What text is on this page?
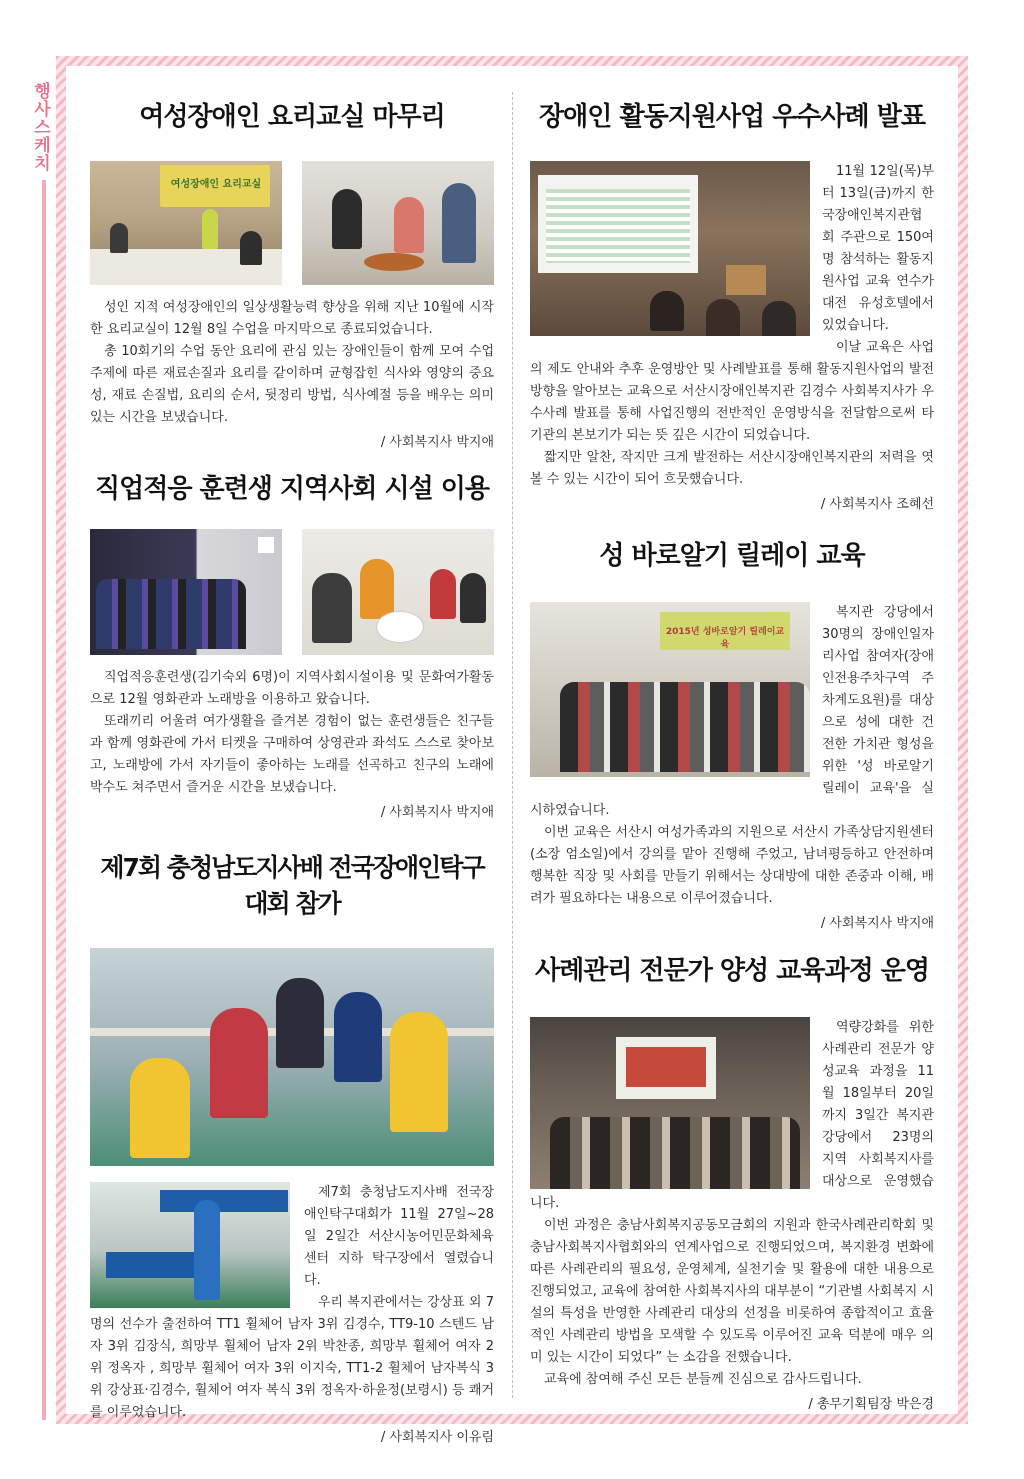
행사스케치	여성장애인 요리교실 마무리
여성장애인 요리교실

성인 지적 여성장애인의 일상생활능력 향상을 위해 지난 10월에 시작한 요리교실이 12월 8일 수업을 마지막으로 종료되었습니다.

총 10회기의 수업 동안 요리에 관심 있는 장애인들이 함께 모여 수업주제에 따른 재료손질과 요리를 같이하며 균형잡힌 식사와 영양의 중요성, 재료 손질법, 요리의 순서, 뒷정리 방법, 식사예절 등을 배우는 의미 있는 시간을 보냈습니다.

/ 사회복지사 박지애

직업적응 훈련생 지역사회 시설 이용

직업적응훈련생(김기숙외 6명)이 지역사회시설이용 및 문화여가활동으로 12월 영화관과 노래방을 이용하고 왔습니다.

또래끼리 어울려 여가생활을 즐겨본 경험이 없는 훈련생들은 친구들과 함께 영화관에 가서 티켓을 구매하여 상영관과 좌석도 스스로 찾아보고, 노래방에 가서 자기들이 좋아하는 노래를 선곡하고 친구의 노래에 박수도 쳐주면서 즐거운 시간을 보냈습니다.

/ 사회복지사 박지애

제7회 충청남도지사배 전국장애인탁구대회 참가

제7회 충청남도지사배 전국장애인탁구대회가 11월 27일~28일 2일간 서산시농어민문화체육센터 지하 탁구장에서 열렸습니다.

우리 복지관에서는 강상표 외 7명의 선수가 출전하여 TT1 휠체어 남자 3위 김경수, TT9-10 스텐드 남자 3위 김장식, 희망부 휠체어 남자 2위 박찬종, 희망부 휠체어 여자 2위 정옥자 , 희망부 휠체어 여자 3위 이지숙, TT1-2 휠체어 남자복식 3위 강상표·김경수, 휠체어 여자 복식 3위 정옥자·하윤정(보령시) 등 쾌거를 이루었습니다.

/ 사회복지사 이유림

장애인 활동지원사업 우수사례 발표

11월 12일(목)부터 13일(금)까지 한국장애인복지관협회 주관으로 150여명 참석하는 활동지원사업 교육 연수가 대전 유성호텔에서 있었습니다.

이날 교육은 사업의 제도 안내와 추후 운영방안 및 사례발표를 통해 활동지원사업의 발전 방향을 알아보는 교육으로 서산시장애인복지관 김경수 사회복지사가 우수사례 발표를 통해 사업진행의 전반적인 운영방식을 전달함으로써 타 기관의 본보기가 되는 뜻 깊은 시간이 되었습니다.

짧지만 알찬, 작지만 크게 발전하는 서산시장애인복지관의 저력을 엿볼 수 있는 시간이 되어 흐뭇했습니다.

/ 사회복지사 조혜선

성 바로알기 릴레이 교육
2015년 성바로알기 릴레이교육

복지관 강당에서 30명의 장애인일자리사업 참여자(장애인전용주차구역 주차계도요원)를 대상으로 성에 대한 건전한 가치관 형성을 위한 '성 바로알기 릴레이 교육'을 실시하였습니다.

이번 교육은 서산시 여성가족과의 지원으로 서산시 가족상담지원센터(소장 엄소일)에서 강의를 맡아 진행해 주었고, 남녀평등하고 안전하며 행복한 직장 및 사회를 만들기 위해서는 상대방에 대한 존중과 이해, 배려가 필요하다는 내용으로 이루어졌습니다.

/ 사회복지사 박지애

사례관리 전문가 양성 교육과정 운영

역량강화를 위한 사례관리 전문가 양성교육 과정을 11월 18일부터 20일까지 3일간 복지관 강당에서 23명의 지역 사회복지사를 대상으로 운영했습니다.

이번 과정은 충남사회복지공동모금회의 지원과 한국사례관리학회 및 충남사회복지사협회와의 연계사업으로 진행되었으며, 복지환경 변화에 따른 사례관리의 필요성, 운영체계, 실천기술 및 활용에 대한 내용으로 진행되었고, 교육에 참여한 사회복지사의 대부분이 “기관별 사회복지 시설의 특성을 반영한 사례관리 대상의 선정을 비롯하여 종합적이고 효율적인 사례관리 방법을 모색할 수 있도록 이루어진 교육 덕분에 매우 의미 있는 시간이 되었다” 는 소감을 전했습니다.

교육에 참여해 주신 모든 분들께 진심으로 감사드립니다.

/ 총무기획팀장 박은경
